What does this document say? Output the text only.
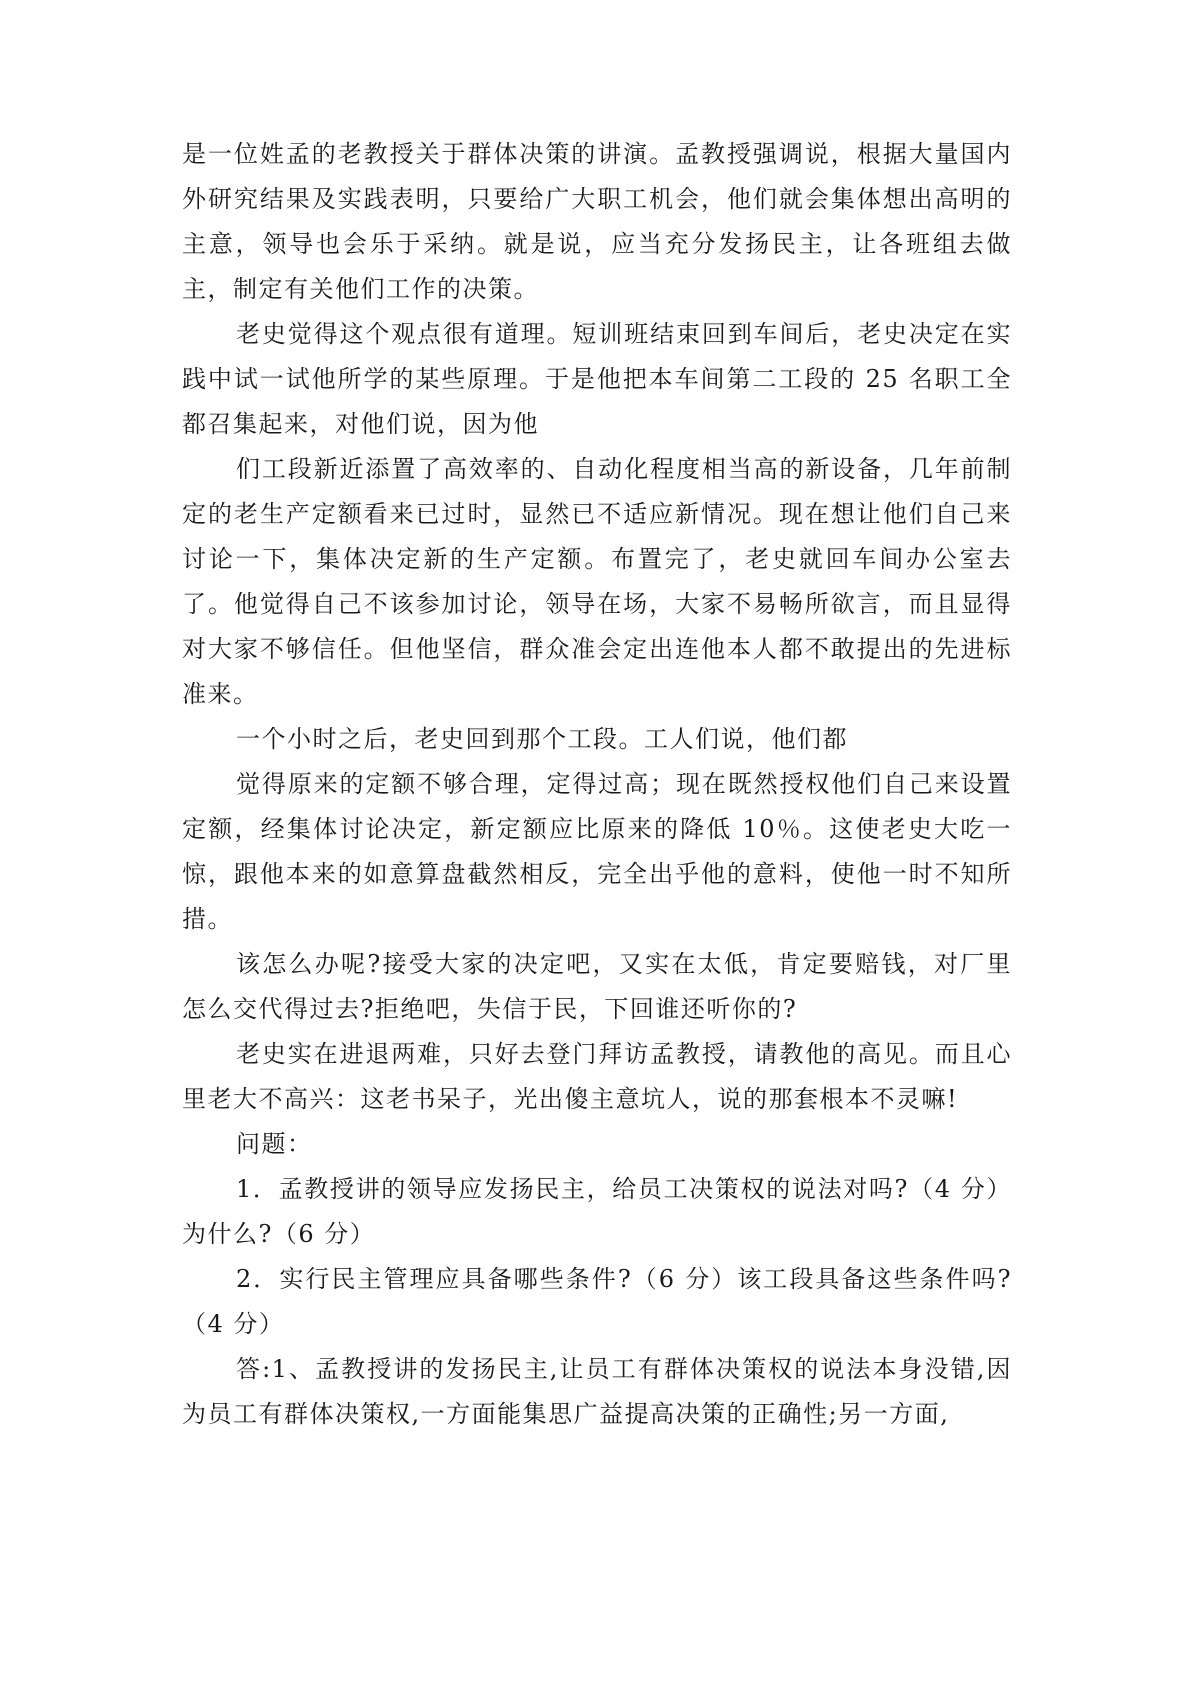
是一位姓孟的老教授关于群体决策的讲演。孟教授强调说，根据大量国内外研究结果及实践表明，只要给广大职工机会，他们就会集体想出高明的主意，领导也会乐于采纳。就是说，应当充分发扬民主，让各班组去做主，制定有关他们工作的决策。

老史觉得这个观点很有道理。短训班结束回到车间后，老史决定在实践中试一试他所学的某些原理。于是他把本车间第二工段的 25 名职工全都召集起来，对他们说，因为他

们工段新近添置了高效率的、自动化程度相当高的新设备，几年前制定的老生产定额看来已过时，显然已不适应新情况。现在想让他们自己来讨论一下，集体决定新的生产定额。布置完了，老史就回车间办公室去了。他觉得自己不该参加讨论，领导在场，大家不易畅所欲言，而且显得对大家不够信任。但他坚信，群众准会定出连他本人都不敢提出的先进标准来。

一个小时之后，老史回到那个工段。工人们说，他们都

觉得原来的定额不够合理，定得过高；现在既然授权他们自己来设置定额，经集体讨论决定，新定额应比原来的降低 10％。这使老史大吃一惊，跟他本来的如意算盘截然相反，完全出乎他的意料，使他一时不知所措。

该怎么办呢?接受大家的决定吧，又实在太低，肯定要赔钱，对厂里怎么交代得过去?拒绝吧，失信于民，下回谁还听你的?

老史实在进退两难，只好去登门拜访孟教授，请教他的高见。而且心里老大不高兴：这老书呆子，光出傻主意坑人，说的那套根本不灵嘛!

问题：

1．孟教授讲的领导应发扬民主，给员工决策权的说法对吗?（4 分）为什么?（6 分）

2．实行民主管理应具备哪些条件?（6 分）该工段具备这些条件吗?（4 分）

答:1、孟教授讲的发扬民主,让员工有群体决策权的说法本身没错,因为员工有群体决策权,一方面能集思广益提高决策的正确性;另一方面,
